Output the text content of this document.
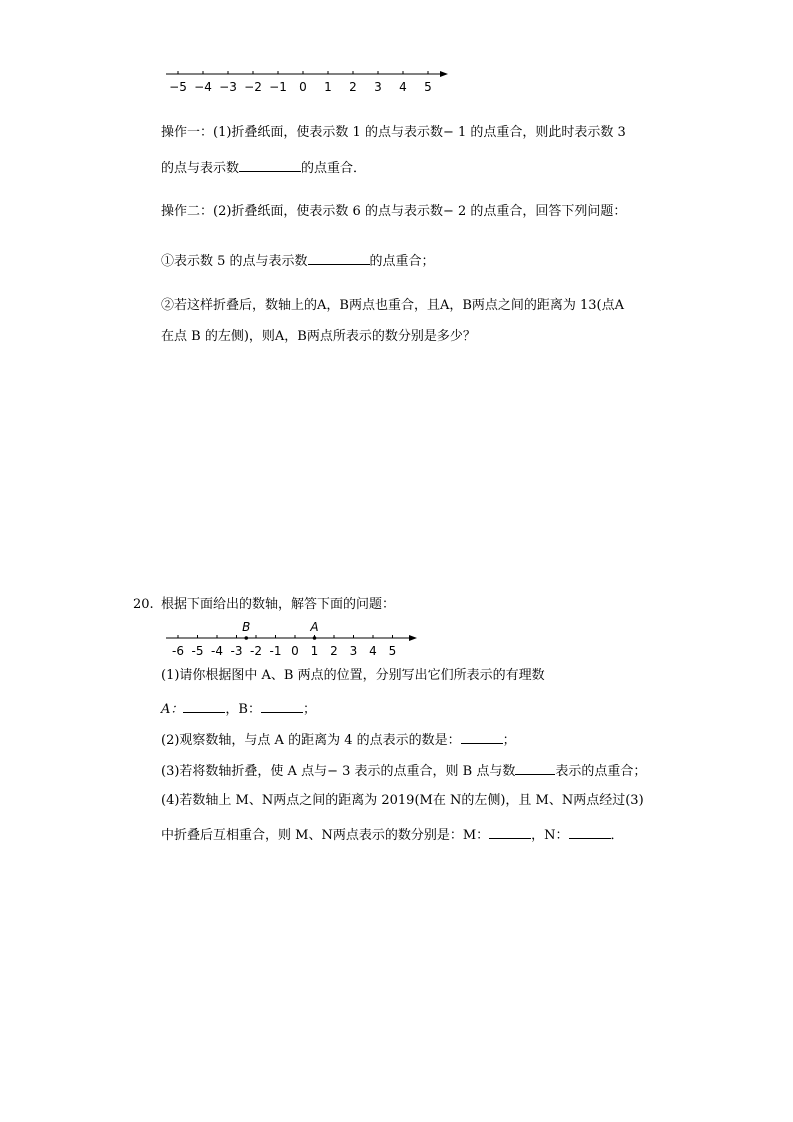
−5 −4 −3 −2 −1 0 1 2 3 4 5
操作一：(1)折叠纸面，使表示数 1 的点与表示数− 1 的点重合，则此时表示数 3
的点与表示数	的点重合．
操作二：(2)折叠纸面，使表示数 6 的点与表示数− 2 的点重合，回答下列问题：
①表示数 5 的点与表示数	的点重合；
②若这样折叠后，数轴上的A，B两点也重合，且A，B两点之间的距离为 13(点A
在点 B 的左侧)，则A，B两点所表示的数分别是多少？
20. 根据下面给出的数轴，解答下面的问题：
-6 -5 -4 -3 -2 -1 0 1 2 3 4 5
B	A
(1)请你根据图中 A、B 两点的位置，分别写出它们所表示的有理数
A：	，B：	；
(2)观察数轴，与点 A 的距离为 4 的点表示的数是：	；
(3)若将数轴折叠，使 A 点与− 3 表示的点重合，则 B 点与数	表示的点重合；
(4)若数轴上 M、N两点之间的距离为 2019(M在 N的左侧)，且 M、N两点经过(3)
中折叠后互相重合，则 M、N两点表示的数分别是：M：	，N：	．
